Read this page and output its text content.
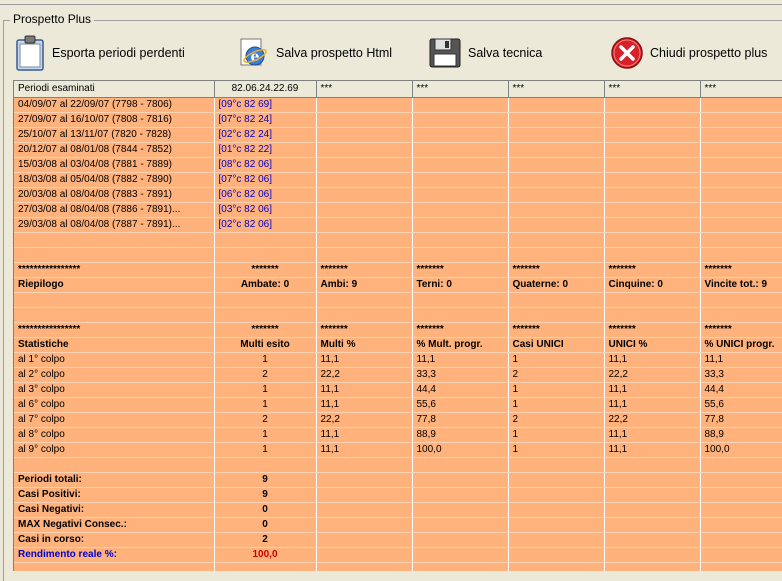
Prospetto Plus
Esporta periodi perdenti	e Salva prospetto Html	Salva tecnica	Chiudi prospetto plus
Periodi esaminati	82.06.24.22.69	***	***	***	***	***
04/09/07 al 22/09/07 (7798 - 7806)	[09°c 82 69]					
27/09/07 al 16/10/07 (7808 - 7816)	[07°c 82 24]					
25/10/07 al 13/11/07 (7820 - 7828)	[02°c 82 24]					
20/12/07 al 08/01/08 (7844 - 7852)	[01°c 82 22]					
15/03/08 al 03/04/08 (7881 - 7889)	[08°c 82 06]					
18/03/08 al 05/04/08 (7882 - 7890)	[07°c 82 06]					
20/03/08 al 08/04/08 (7883 - 7891)	[06°c 82 06]					
27/03/08 al 08/04/08 (7886 - 7891)...	[03°c 82 06]					
29/03/08 al 08/04/08 (7887 - 7891)...	[02°c 82 06]					

****************	*******	*******	*******	*******	*******	*******
Riepilogo	Ambate: 0	Ambi: 9	Terni: 0	Quaterne: 0	Cinquine: 0	Vincite tot.: 9

****************	*******	*******	*******	*******	*******	*******
Statistiche	Multi esito	Multi %	% Mult. progr.	Casi UNICI	UNICI %	% UNICI progr.
al 1° colpo	1	11,1	11,1	1	11,1	11,1
al 2° colpo	2	22,2	33,3	2	22,2	33,3
al 3° colpo	1	11,1	44,4	1	11,1	44,4
al 6° colpo	1	11,1	55,6	1	11,1	55,6
al 7° colpo	2	22,2	77,8	2	22,2	77,8
al 8° colpo	1	11,1	88,9	1	11,1	88,9
al 9° colpo	1	11,1	100,0	1	11,1	100,0

Periodi totali:	9					
Casi Positivi:	9					
Casi Negativi:	0					
MAX Negativi Consec.:	0					
Casi in corso:	2					
Rendimento reale %:	100,0					
